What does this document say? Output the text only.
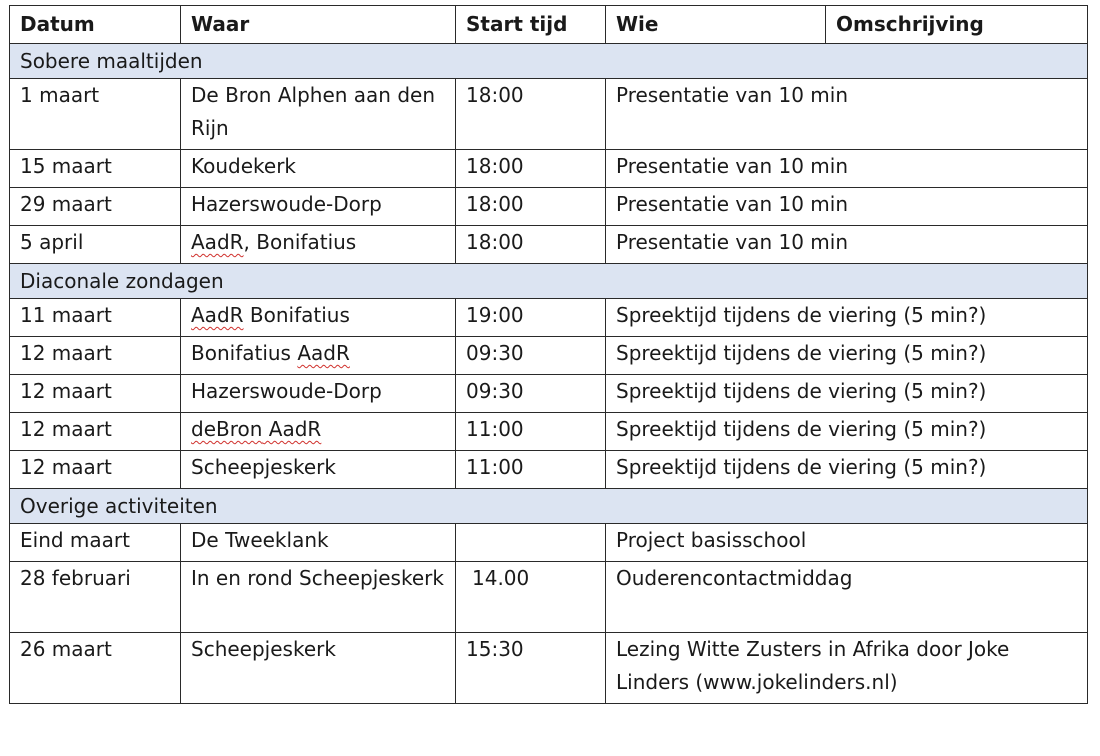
Datum	Waar	Start tijd	Wie	Omschrijving
Sobere maaltijden				
1 maart	De Bron Alphen aan den Rijn	18:00	Presentatie van 10 min	
15 maart	Koudekerk	18:00	Presentatie van 10 min	
29 maart	Hazerswoude-Dorp	18:00	Presentatie van 10 min	
5 april	AadR, Bonifatius	18:00	Presentatie van 10 min	
Diaconale zondagen				
11 maart	AadR Bonifatius	19:00	Spreektijd tijdens de viering (5 min?)	
12 maart	Bonifatius AadR	09:30	Spreektijd tijdens de viering (5 min?)	
12 maart	Hazerswoude-Dorp	09:30	Spreektijd tijdens de viering (5 min?)	
12 maart	deBron AadR	11:00	Spreektijd tijdens de viering (5 min?)	
12 maart	Scheepjeskerk	11:00	Spreektijd tijdens de viering (5 min?)	
Overige activiteiten				
Eind maart	De Tweeklank		Project basisschool	
28 februari	In en rond Scheepjeskerk	14.00	Ouderencontactmiddag	
26 maart	Scheepjeskerk	15:30	Lezing Witte Zusters in Afrika door Joke Linders (www.jokelinders.nl)	
